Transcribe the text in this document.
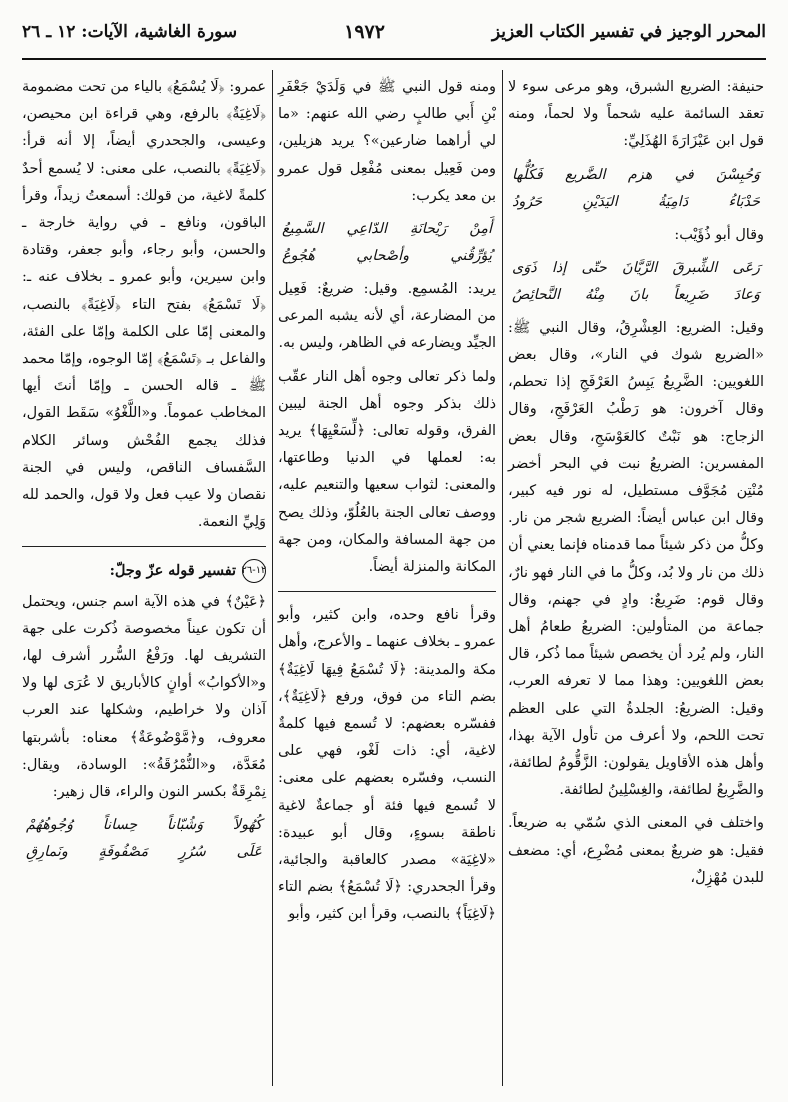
سورة الغاشية، الآيات: ١٢ ـ ٢٦	١٩٧٢	المحرر الوجيز في تفسير الكتاب العزيز

حنيفة: الضريع الشبرق، وهو مرعى سوء لا تعقد السائمة عليه شحماً ولا لحماً، ومنه قول ابن عَيْزَارَةَ الهُذَلِيِّ:

وَحُبِسْنَ في هزم الضَّريع فَكُلُّها
حَدْبَاءُ دَامِيَةُ اليَدَيْنِ حَرُودُ

وقال أبو ذُؤَيْب:

رَعَى الشِّبرقَ الرَّيَّانَ حتّى إذا ذَوَى
وَعادَ ضَرِيعاً بانَ مِنْهُ النَّحائِصُ

وقيل: الضريع: العِشْرِقُ، وقال النبي ﷺ: «الضريع شوك في النار»، وقال بعض اللغويين: الضَّرِيعُ يَبِسُ العَرْفَجِ إذا تحطم، وقال آخرون: هو رَطْبُ العَرْفَجِ، وقال الزجاج: هو نَبْتٌ كالعَوْسَجِ، وقال بعض المفسرين: الضريعُ نبت في البحر أخضر مُنْتِن مُجَوَّف مستطيل، له نور فيه كبير، وقال ابن عباس أيضاً: الضريع شجر من نار. وكلُّ من ذكر شيئاً مما قدمناه فإنما يعني أن ذلك من نار ولا بُد، وكلُّ ما في النار فهو نارٌ، وقال قوم: ضَرِيعٌ: وادٍ في جهنم، وقال جماعة من المتأولين: الضريعُ طعامُ أهل النار، ولم يُرد أن يخصص شيئاً مما ذُكر، قال بعض اللغويين: وهذا مما لا تعرفه العرب، وقيل: الضريعُ: الجلدةُ التي على العظم تحت اللحم، ولا أعرف من تأول الآية بهذا، وأهل هذه الأقاويل يقولون: الزَّقُّومُ لطائفة، والضَّرِيعُ لطائفة، والغِسْلِينُ لطائفة.

واختلف في المعنى الذي سُمّي به ضريعاً. فقيل: هو ضريعٌ بمعنى مُضْرِع، أي: مضعف للبدن مُهْزِلٌ،

ومنه قول النبي ﷺ في وَلَدَيْ جَعْفَرِ بْنِ أَبي طالبٍ رضي الله عنهم: «ما لي أراهما ضارعين»؟ يريد هزيلين، ومن فَعِيل بمعنى مُفْعِل قول عمرو بن معد يكرب:

أَمِنْ رَيْحانَةِ الدّاعِي السَّمِيعُ
يُؤرِّقُني وأصْحابي هُجُوعُ

يريد: المُسمِع. وقيل: ضريعٌ: فَعِيل من المضارعة، أي لأنه يشبه المرعى الجيِّد ويضارعه في الظاهر، وليس به.

ولما ذكر تعالى وجوه أهل النار عقّب ذلك بذكر وجوه أهل الجنة ليبين الفرق، وقوله تعالى: ﴿لِّسَعْيِهَا﴾ يريد به: لعملها في الدنيا وطاعتها، والمعنى: لثواب سعيها والتنعيم عليه، ووصف تعالى الجنة بالعُلُوّ، وذلك يصح من جهة المسافة والمكان، ومن جهة المكانة والمنزلة أيضاً.

وقرأ نافع وحده، وابن كثير، وأبو عمرو ـ بخلاف عنهما ـ والأعرج، وأهل مكة والمدينة: ﴿لَا تُسْمَعُ فِيهَا لَاغِيَةٌ﴾ بضم التاء من فوق، ورفع ﴿لَاغِيَةٌ﴾، ففسّره بعضهم: لا تُسمع فيها كلمةٌ لاغية، أي: ذات لَغْو، فهي على النسب، وفسّره بعضهم على معنى: لا تُسمع فيها فئة أو جماعةٌ لاغية ناطقة بسوءٍ، وقال أبو عبيدة: «لاغِيَة» مصدر كالعاقبة والجائية، وقرأ الجحدري: ﴿لَا تُسْمَعُ﴾ بضم التاء ﴿لَاغِيَاً﴾ بالنصب، وقرأ ابن كثير، وأبو

عمرو: ﴿لَا يُسْمَعُ﴾ بالياء من تحت مضمومة ﴿لَاغِيَةٌ﴾ بالرفع، وهي قراءة ابن محيصن، وعيسى، والجحدري أيضاً، إلا أنه قرأ: ﴿لَاغِيَةً﴾ بالنصب، على معنى: لا يُسمع أحدٌ كلمةً لاغية، من قولك: أسمعتُ زيداً، وقرأ الباقون، ونافع ـ في رواية خارجة ـ والحسن، وأبو رجاء، وأبو جعفر، وقتادة وابن سيرين، وأبو عمرو ـ بخلاف عنه ـ: ﴿لَا تَسْمَعُ﴾ بفتح التاء ﴿لَاغِيَةً﴾ بالنصب، والمعنى إمّا على الكلمة وإمّا على الفئة، والفاعل بـ ﴿تَسْمَعُ﴾ إمّا الوجوه، وإمّا محمد ﷺ ـ قاله الحسن ـ وإمّا أنتَ أيها المخاطب عموماً. و«اللَّغْوُ» سَقَط القول، فذلك يجمع الفُحْش وسائر الكلام السَّفساف الناقص، وليس في الجنة نقصان ولا عيب فعل ولا قول، والحمد لله وَلِيِّ النعمة.

١٢-٢٦
تفسير قوله عزّ وجلّ:

﴿عَيْنٌ﴾ في هذه الآية اسم جنس، ويحتمل أن تكون عيناً مخصوصة ذُكرت على جهة التشريف لها. ورَفْعُ السُّرر أشرف لها، و«الأكوابُ» أوانٍ كالأباريق لا عُرَى لها ولا آذان ولا خراطيم، وشكلها عند العرب معروف، و﴿مَّوْضُوعَةٌ﴾ معناه: بأشربتها مُعَدَّة، و«النُّمْرُقَةُ»: الوسادة، ويقال: نِمْرِقَةٌ بكسر النون والراء، قال زهير:

كُهُولاً وَشُبّاناً حِساناً وُجُوهُهُمْ
عَلَى سُرُرٍ مَصْفُوفَةٍ ونَمارِقِ
